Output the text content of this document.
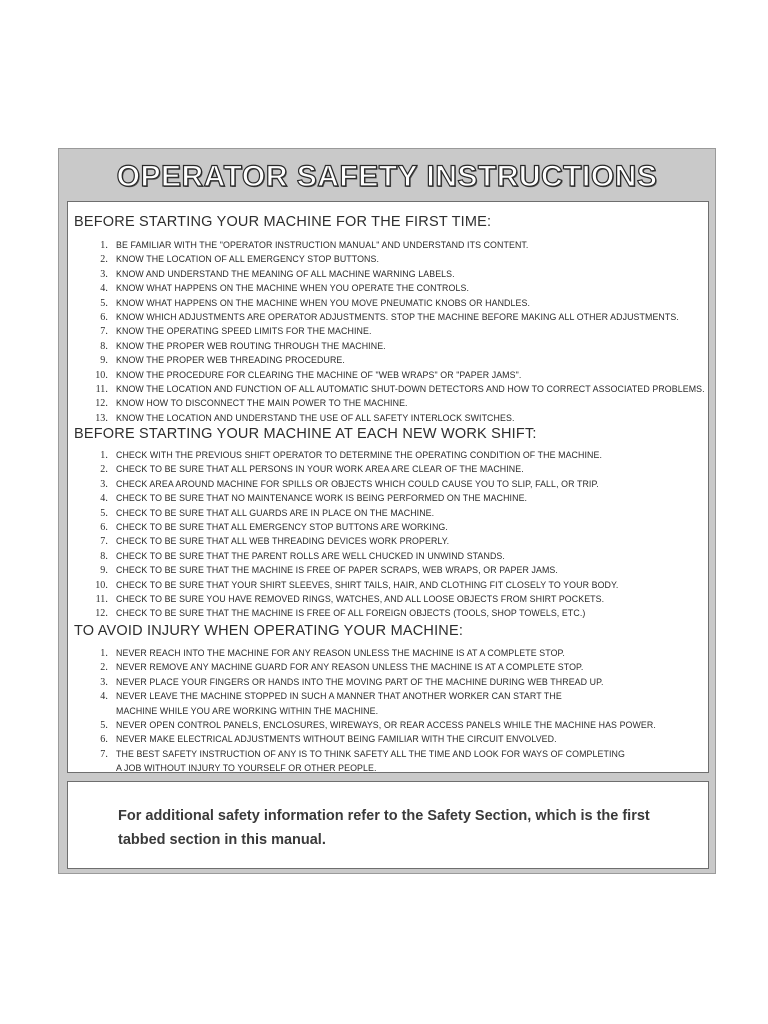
OPERATOR SAFETY INSTRUCTIONS
BEFORE STARTING YOUR MACHINE FOR THE FIRST TIME:
1. BE FAMILIAR WITH THE "OPERATOR INSTRUCTION MANUAL" AND UNDERSTAND ITS CONTENT.
2. KNOW THE LOCATION OF ALL EMERGENCY STOP BUTTONS.
3. KNOW AND UNDERSTAND THE MEANING OF ALL MACHINE WARNING LABELS.
4. KNOW WHAT HAPPENS ON THE MACHINE WHEN YOU OPERATE THE CONTROLS.
5. KNOW WHAT HAPPENS ON THE MACHINE WHEN YOU MOVE PNEUMATIC KNOBS OR HANDLES.
6. KNOW WHICH ADJUSTMENTS ARE OPERATOR ADJUSTMENTS. STOP THE MACHINE BEFORE MAKING ALL OTHER ADJUSTMENTS.
7. KNOW THE OPERATING SPEED LIMITS FOR THE MACHINE.
8. KNOW THE PROPER WEB ROUTING THROUGH THE MACHINE.
9. KNOW THE PROPER WEB THREADING PROCEDURE.
10. KNOW THE PROCEDURE FOR CLEARING THE MACHINE OF "WEB WRAPS" OR "PAPER JAMS".
11. KNOW THE LOCATION AND FUNCTION OF ALL AUTOMATIC SHUT-DOWN DETECTORS AND HOW TO CORRECT ASSOCIATED PROBLEMS.
12. KNOW HOW TO DISCONNECT THE MAIN POWER TO THE MACHINE.
13. KNOW THE LOCATION AND UNDERSTAND THE USE OF ALL SAFETY INTERLOCK SWITCHES.
BEFORE STARTING YOUR MACHINE AT EACH NEW WORK SHIFT:
1. CHECK WITH THE PREVIOUS SHIFT OPERATOR TO DETERMINE THE OPERATING CONDITION OF THE MACHINE.
2. CHECK TO BE SURE THAT ALL PERSONS IN YOUR WORK AREA ARE CLEAR OF THE MACHINE.
3. CHECK AREA AROUND MACHINE FOR SPILLS OR OBJECTS WHICH COULD CAUSE YOU TO SLIP, FALL, OR TRIP.
4. CHECK TO BE SURE THAT NO MAINTENANCE WORK IS BEING PERFORMED ON THE MACHINE.
5. CHECK TO BE SURE THAT ALL GUARDS ARE IN PLACE ON THE MACHINE.
6. CHECK TO BE SURE THAT ALL EMERGENCY STOP BUTTONS ARE WORKING.
7. CHECK TO BE SURE THAT ALL WEB THREADING DEVICES WORK PROPERLY.
8. CHECK TO BE SURE THAT THE PARENT ROLLS ARE WELL CHUCKED IN UNWIND STANDS.
9. CHECK TO BE SURE THAT THE MACHINE IS FREE OF PAPER SCRAPS, WEB WRAPS, OR PAPER JAMS.
10. CHECK TO BE SURE THAT YOUR SHIRT SLEEVES, SHIRT TAILS, HAIR, AND CLOTHING FIT CLOSELY TO YOUR BODY.
11. CHECK TO BE SURE YOU HAVE REMOVED RINGS, WATCHES, AND ALL LOOSE OBJECTS FROM SHIRT POCKETS.
12. CHECK TO BE SURE THAT THE MACHINE IS FREE OF ALL FOREIGN OBJECTS (TOOLS, SHOP TOWELS, ETC.)
TO AVOID INJURY WHEN OPERATING YOUR MACHINE:
1. NEVER REACH INTO THE MACHINE FOR ANY REASON UNLESS THE MACHINE IS AT A COMPLETE STOP.
2. NEVER REMOVE ANY MACHINE GUARD FOR ANY REASON UNLESS THE MACHINE IS AT A COMPLETE STOP.
3. NEVER PLACE YOUR FINGERS OR HANDS INTO THE MOVING PART OF THE MACHINE DURING WEB THREAD UP.
4. NEVER LEAVE THE MACHINE STOPPED IN SUCH A MANNER THAT ANOTHER WORKER CAN START THE
MACHINE WHILE YOU ARE WORKING WITHIN THE MACHINE.
5. NEVER OPEN CONTROL PANELS, ENCLOSURES, WIREWAYS, OR REAR ACCESS PANELS WHILE THE MACHINE HAS POWER.
6. NEVER MAKE ELECTRICAL ADJUSTMENTS WITHOUT BEING FAMILIAR WITH THE CIRCUIT ENVOLVED.
7. THE BEST SAFETY INSTRUCTION OF ANY IS TO THINK SAFETY ALL THE TIME AND LOOK FOR WAYS OF COMPLETING
A JOB WITHOUT INJURY TO YOURSELF OR OTHER PEOPLE.
For additional safety information refer to the Safety Section, which is the first tabbed section in this manual.
